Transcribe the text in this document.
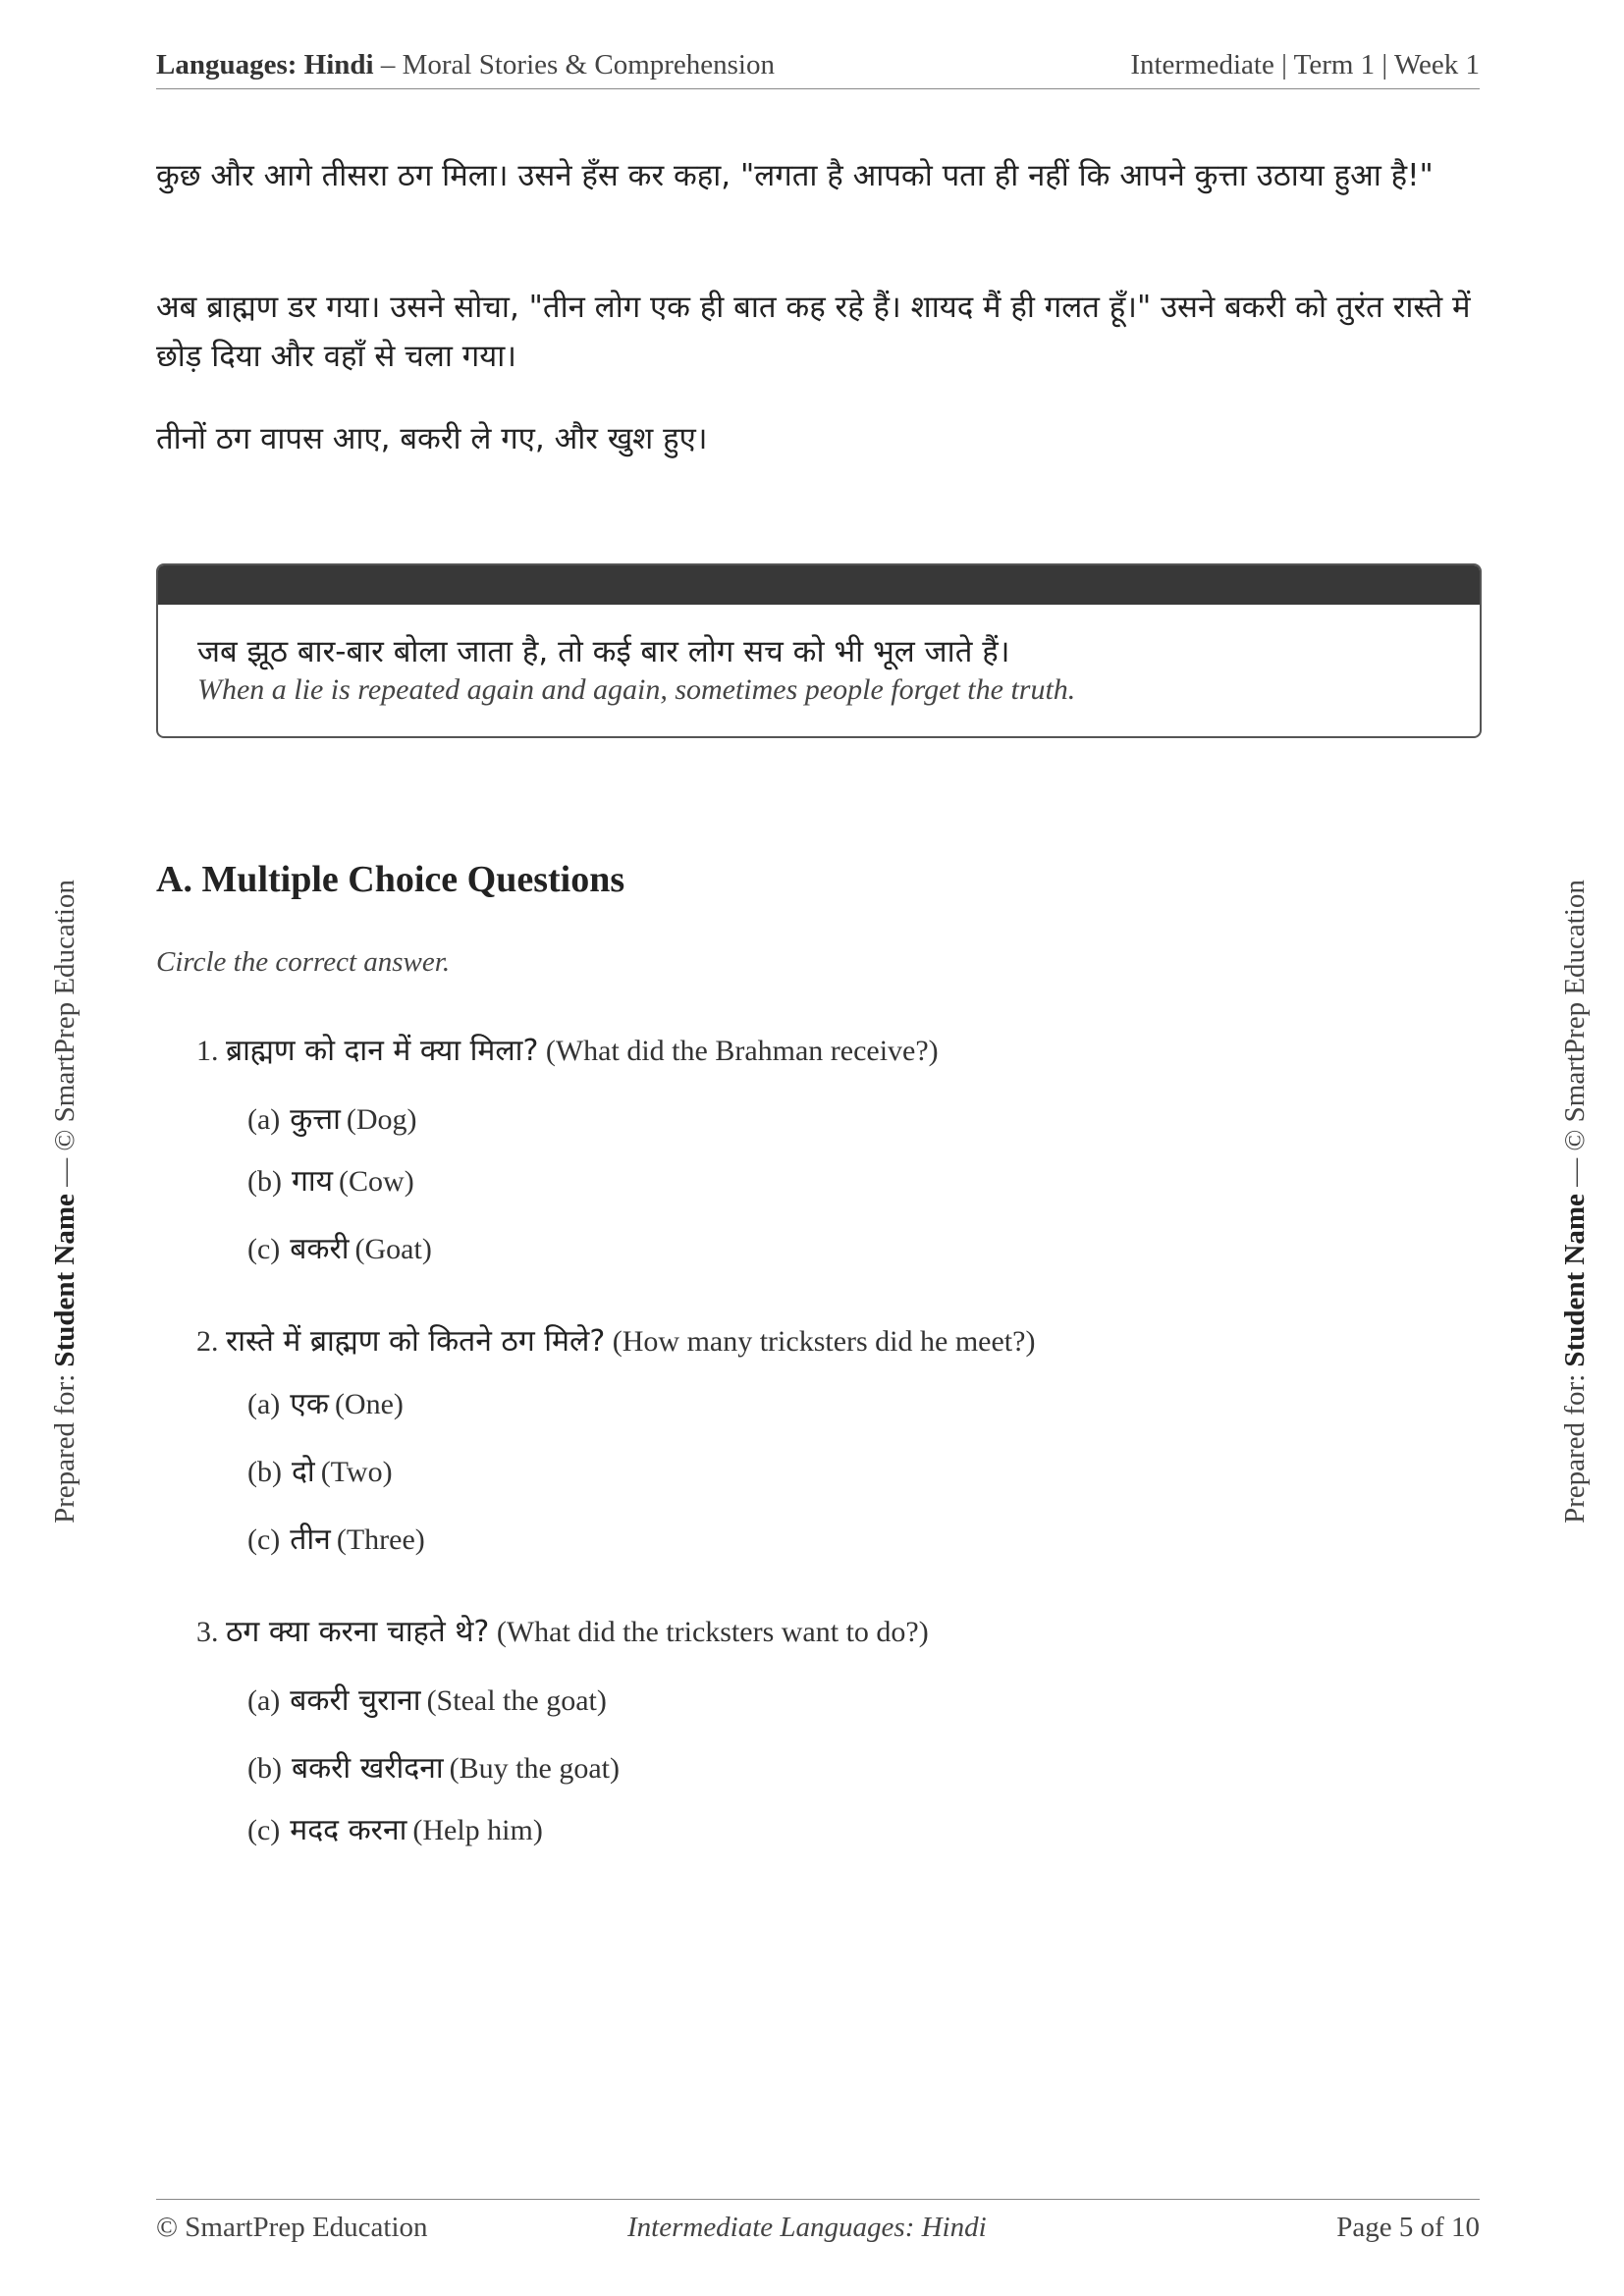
Languages: Hindi – Moral Stories & Comprehension	Intermediate | Term 1 | Week 1

कुछ और आगे तीसरा ठग मिला। उसने हँस कर कहा, "लगता है आपको पता ही नहीं कि आपने कुत्ता उठाया हुआ है!"

अब ब्राह्मण डर गया। उसने सोचा, "तीन लोग एक ही बात कह रहे हैं। शायद मैं ही गलत हूँ।" उसने बकरी को तुरंत रास्ते में छोड़ दिया और वहाँ से चला गया।

तीनों ठग वापस आए, बकरी ले गए, और खुश हुए।

जब झूठ बार-बार बोला जाता है, तो कई बार लोग सच को भी भूल जाते हैं।
When a lie is repeated again and again, sometimes people forget the truth.
Prepared for: Student Name — © SmartPrep Education
Prepared for: Student Name — © SmartPrep Education
A. Multiple Choice Questions
Circle the correct answer.
1. ब्राह्मण को दान में क्या मिला? (What did the Brahman receive?)
(a) कुत्ता (Dog)
(b) गाय (Cow)
(c) बकरी (Goat)
2. रास्ते में ब्राह्मण को कितने ठग मिले? (How many tricksters did he meet?)
(a) एक (One)
(b) दो (Two)
(c) तीन (Three)
3. ठग क्या करना चाहते थे? (What did the tricksters want to do?)
(a) बकरी चुराना (Steal the goat)
(b) बकरी खरीदना (Buy the goat)
(c) मदद करना (Help him)
© SmartPrep Education	Intermediate Languages: Hindi	Page 5 of 10
